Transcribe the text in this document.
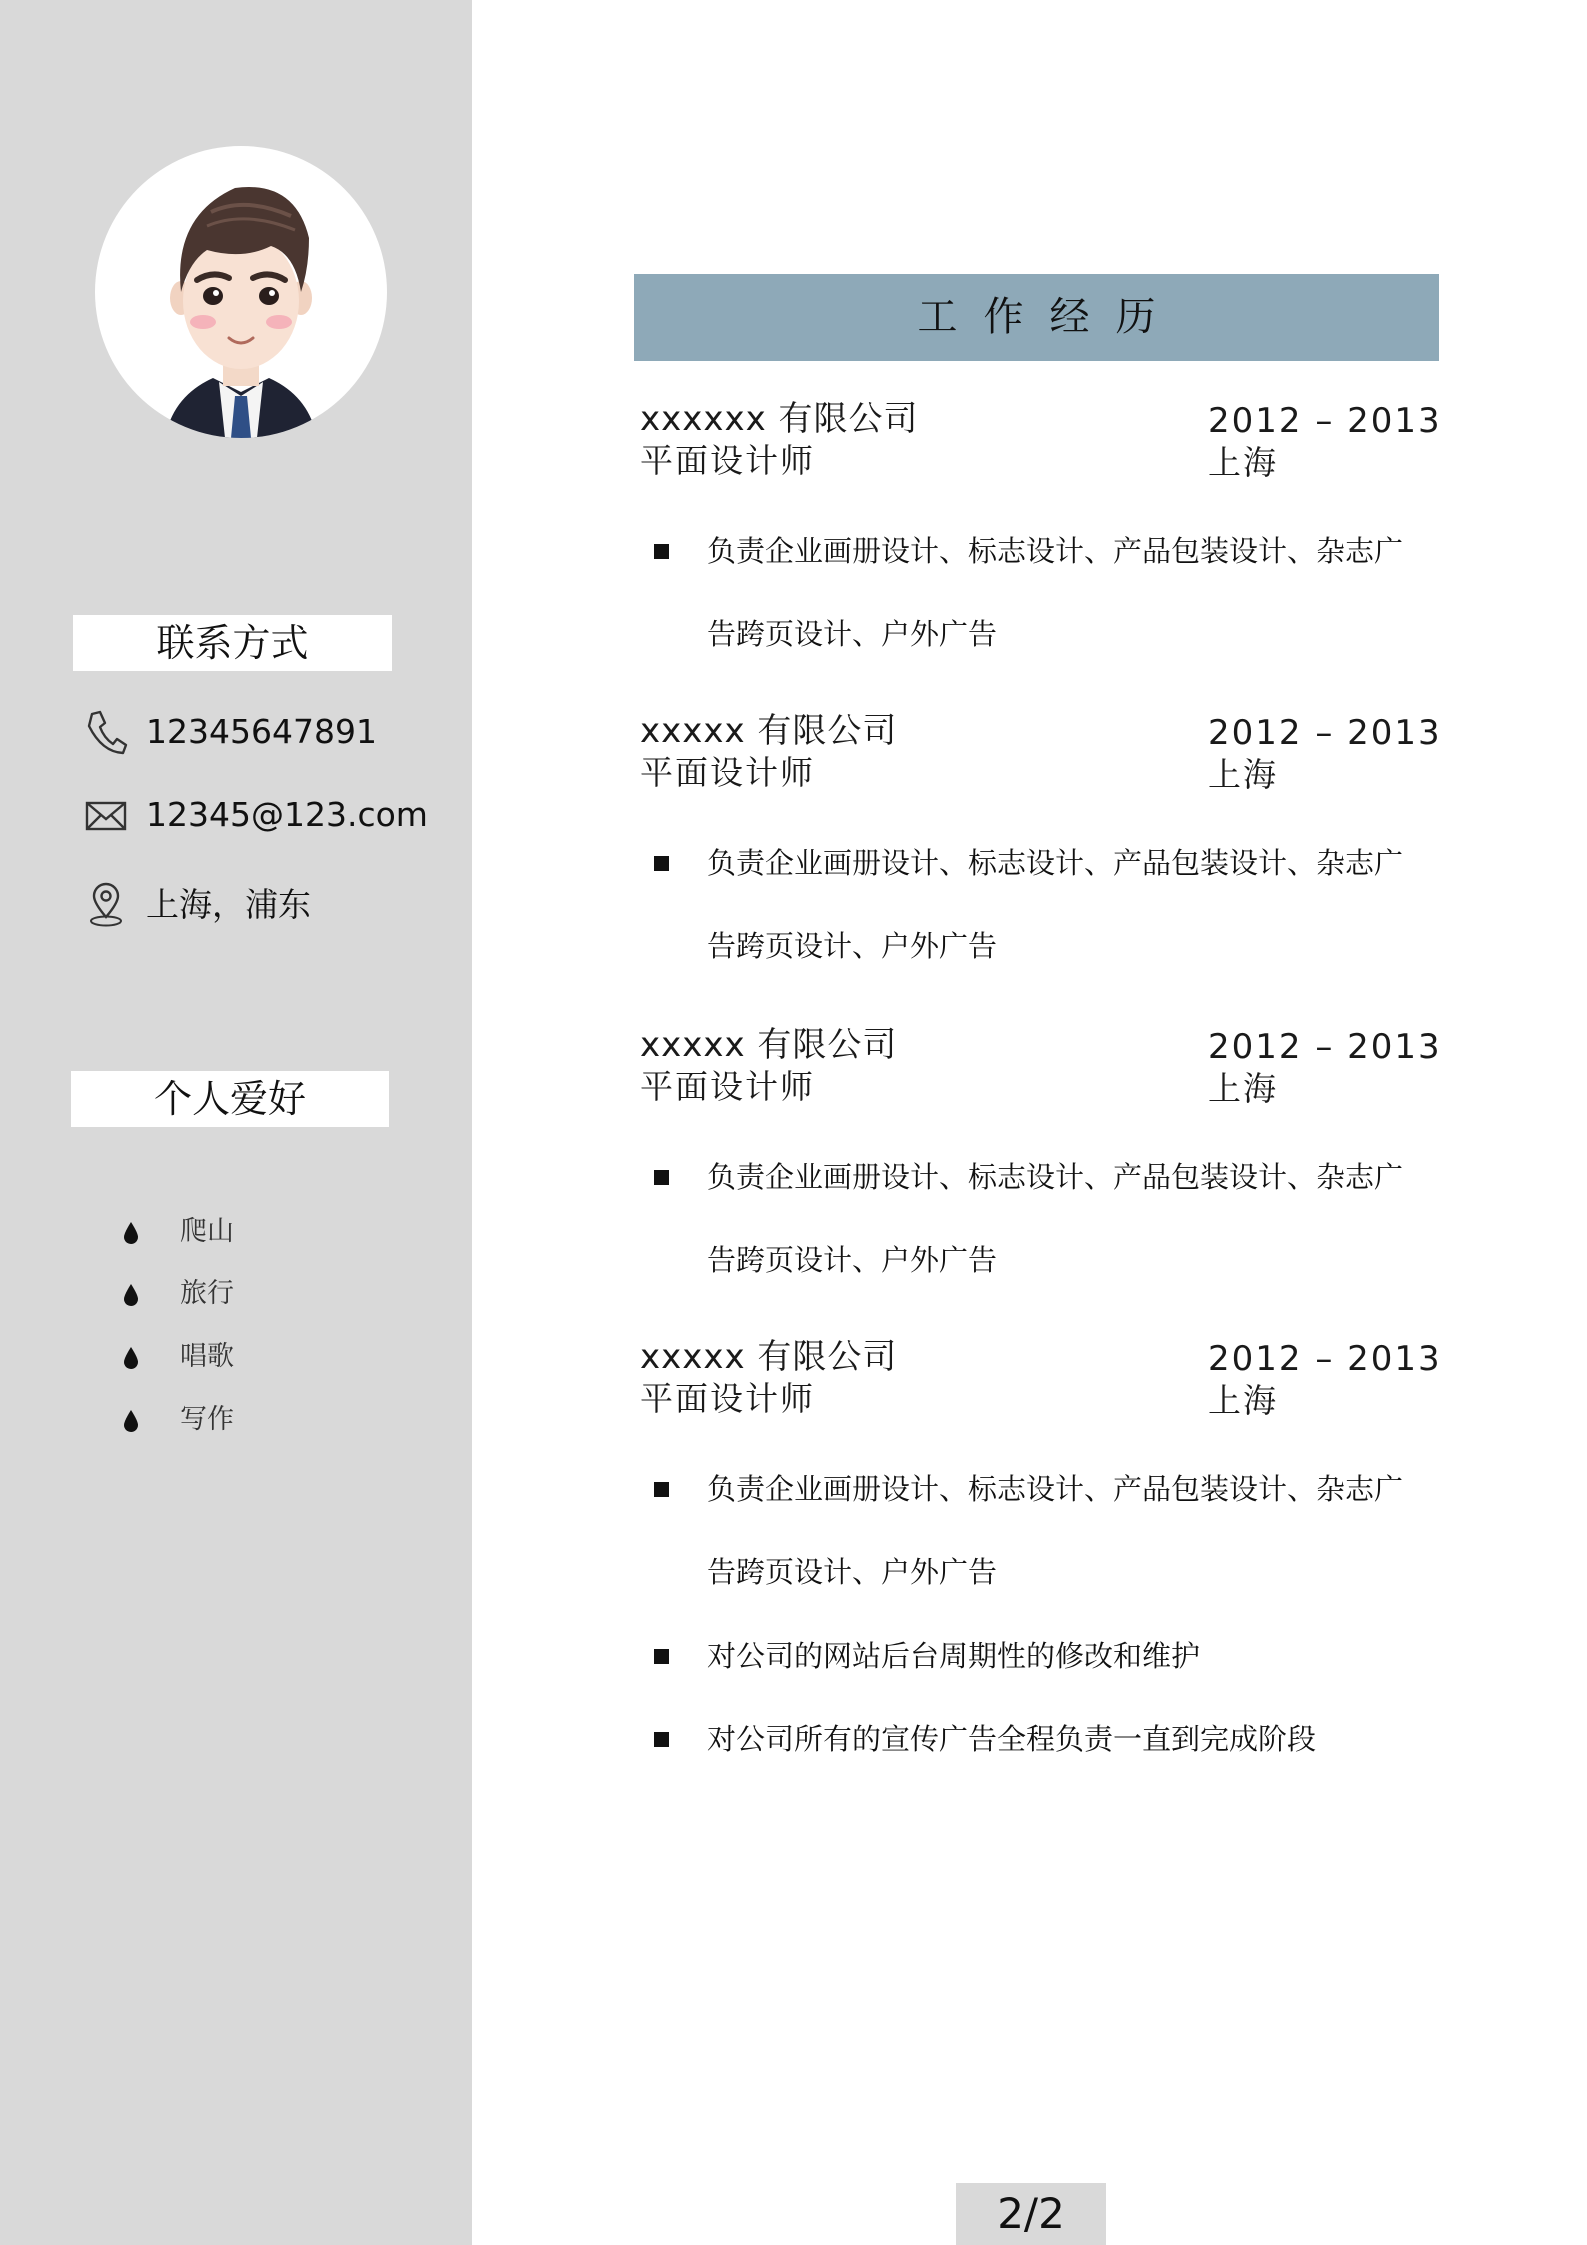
联系方式
12345647891
12345@123.com
上海，浦东
个人爱好
爬山
旅行
唱歌
写作
工作经历
xxxxxx 有限公司
平面设计师
2012 – 2013
上海
负责企业画册设计、标志设计、产品包装设计、杂志广
告跨页设计、户外广告
xxxxx 有限公司
平面设计师
2012 – 2013
上海
负责企业画册设计、标志设计、产品包装设计、杂志广
告跨页设计、户外广告
xxxxx 有限公司
平面设计师
2012 – 2013
上海
负责企业画册设计、标志设计、产品包装设计、杂志广
告跨页设计、户外广告
xxxxx 有限公司
平面设计师
2012 – 2013
上海
负责企业画册设计、标志设计、产品包装设计、杂志广
告跨页设计、户外广告
对公司的网站后台周期性的修改和维护
对公司所有的宣传广告全程负责一直到完成阶段
2/2
